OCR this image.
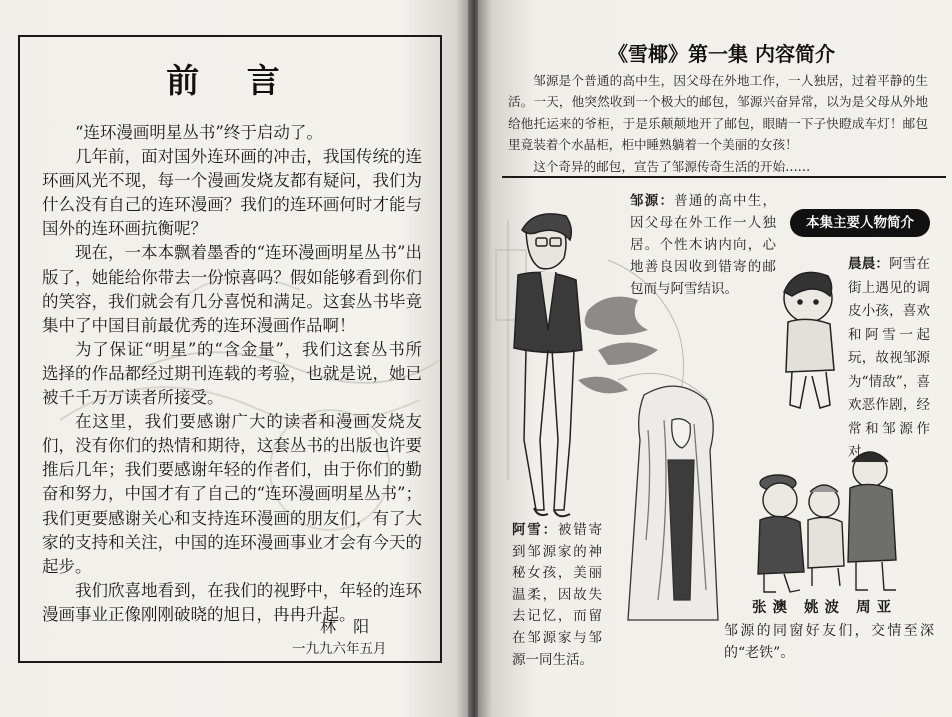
前 言

“连环漫画明星丛书”终于启动了。

几年前，面对国外连环画的冲击，我国传统的连环画风光不现，每一个漫画发烧友都有疑问，我们为什么没有自己的连环漫画？我们的连环画何时才能与国外的连环画抗衡呢？

现在，一本本飘着墨香的“连环漫画明星丛书”出版了，她能给你带去一份惊喜吗？假如能够看到你们的笑容，我们就会有几分喜悦和满足。这套丛书毕竟集中了中国目前最优秀的连环漫画作品啊！

为了保证“明星”的“含金量”，我们这套丛书所选择的作品都经过期刊连载的考验，也就是说，她已被千千万万读者所接受。

在这里，我们要感谢广大的读者和漫画发烧友们，没有你们的热情和期待，这套丛书的出版也许要推后几年；我们要感谢年轻的作者们，由于你们的勤奋和努力，中国才有了自己的“连环漫画明星丛书”；我们更要感谢关心和支持连环漫画的朋友们，有了大家的支持和关注，中国的连环漫画事业才会有今天的起步。

我们欣喜地看到，在我们的视野中，年轻的连环漫画事业正像刚刚破晓的旭日，冉冉升起。

林 阳
一九九六年五月
《雪椰》第一集 内容简介

邹源是个普通的高中生，因父母在外地工作，一人独居，过着平静的生活。一天，他突然收到一个极大的邮包，邹源兴奋异常，以为是父母从外地给他托运来的爷柜，于是乐颠颠地开了邮包，眼睛一下子快瞪成车灯！邮包里竟装着个水晶柜，柜中睡熟躺着一个美丽的女孩！

这个奇异的邮包，宣告了邹源传奇生活的开始……

本集主要人物简介
邹源：普通的高中生，因父母在外工作一人独居。个性木讷内向，心地善良因收到错寄的邮包而与阿雪结识。
晨晨：阿雪在街上遇见的调皮小孩，喜欢和阿雪一起玩，故视邹源为“情敌”，喜欢恶作剧，经常和邹源作对。
阿雪：被错寄到邹源家的神秘女孩，美丽温柔，因故失去记忆，而留在邹源家与邹源一同生活。
张澳 姚波 周亚
邹源的同窗好友们，交情至深的“老铁”。
